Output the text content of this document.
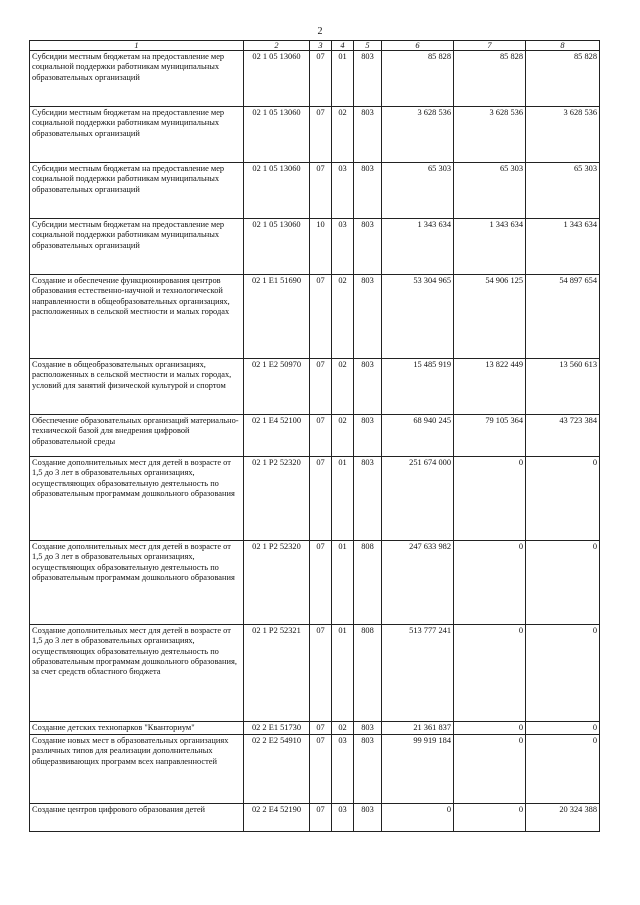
2
1	2	3	4	5	6	7	8
Субсидии местным бюджетам на предоставление мер социальной поддержки работникам муниципальных образовательных организаций	02 1 05 13060	07	01	803	85 828	85 828	85 828
Субсидии местным бюджетам на предоставление мер социальной поддержки работникам муниципальных образовательных организаций	02 1 05 13060	07	02	803	3 628 536	3 628 536	3 628 536
Субсидии местным бюджетам на предоставление мер социальной поддержки работникам муниципальных образовательных организаций	02 1 05 13060	07	03	803	65 303	65 303	65 303
Субсидии местным бюджетам на предоставление мер социальной поддержки работникам муниципальных образовательных организаций	02 1 05 13060	10	03	803	1 343 634	1 343 634	1 343 634
Создание и обеспечение функционирования центров образования естественно-научной и технологической направленности в общеобразовательных организациях, расположенных в сельской местности и малых городах	02 1 E1 51690	07	02	803	53 304 965	54 906 125	54 897 654
Создание в общеобразовательных организациях, расположенных в сельской местности и малых городах, условий для занятий физической культурой и спортом	02 1 E2 50970	07	02	803	15 485 919	13 822 449	13 560 613
Обеспечение образовательных организаций материально-технической базой для внедрения цифровой образовательной среды	02 1 E4 52100	07	02	803	68 940 245	79 105 364	43 723 384
Создание дополнительных мест для детей в возрасте от 1,5 до 3 лет в образовательных организациях, осуществляющих образовательную деятельность по образовательным программам дошкольного образования	02 1 P2 52320	07	01	803	251 674 000	0	0
Создание дополнительных мест для детей в возрасте от 1,5 до 3 лет в образовательных организациях, осуществляющих образовательную деятельность по образовательным программам дошкольного образования	02 1 P2 52320	07	01	808	247 633 982	0	0
Создание дополнительных мест для детей в возрасте от 1,5 до 3 лет в образовательных организациях, осуществляющих образовательную деятельность по образовательным программам дошкольного образования, за счет средств областного бюджета	02 1 P2 52321	07	01	808	513 777 241	0	0
Создание детских технопарков "Кванториум"	02 2 E1 51730	07	02	803	21 361 837	0	0
Создание новых мест в образовательных организациях различных типов для реализации дополнительных общеразвивающих программ всех направленностей	02 2 E2 54910	07	03	803	99 919 184	0	0
Создание центров цифрового образования детей	02 2 E4 52190	07	03	803	0	0	20 324 388
